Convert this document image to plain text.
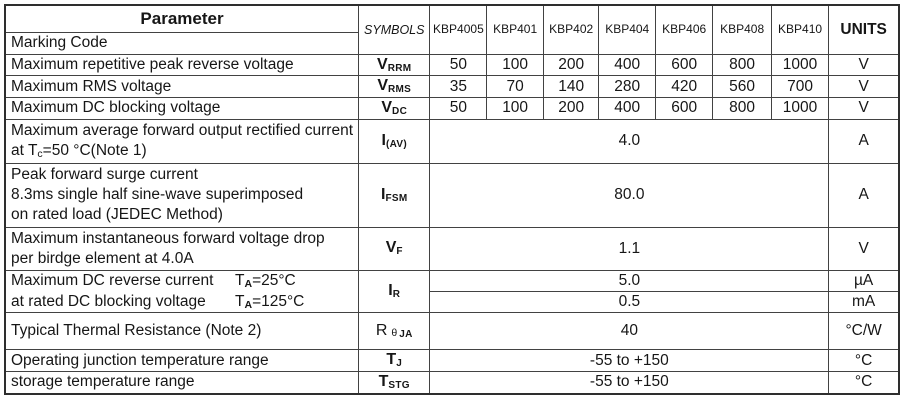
Parameter	SYMBOLS	KBP4005	KBP401	KBP402	KBP404	KBP406	KBP408	KBP410	UNITS
Marking Code									
Maximum repetitive peak reverse voltage	VRRM	50	100	200	400	600	800	1000	V
Maximum RMS voltage	VRMS	35	70	140	280	420	560	700	V
Maximum DC blocking voltage	VDC	50	100	200	400	600	800	1000	V

Maximum average forward output rectified current
at Tc=50 °C(Note 1)	I(AV)	4.0							A

Peak forward surge current
8.3ms single half sine-wave superimposed
on rated load (JEDEC Method)	IFSM	80.0							A

Maximum instantaneous forward voltage drop
per birdge element at 4.0A	VF	1.1							V

Maximum DC reverse current TA=25°C
at rated DC blocking voltage TA=125°C	IR	5.0							µA
		0.5							mA
Typical Thermal Resistance (Note 2)	R θ JA	40							°C/W
Operating junction temperature range	TJ	-55 to +150							°C
storage temperature range	TSTG	-55 to +150							°C
